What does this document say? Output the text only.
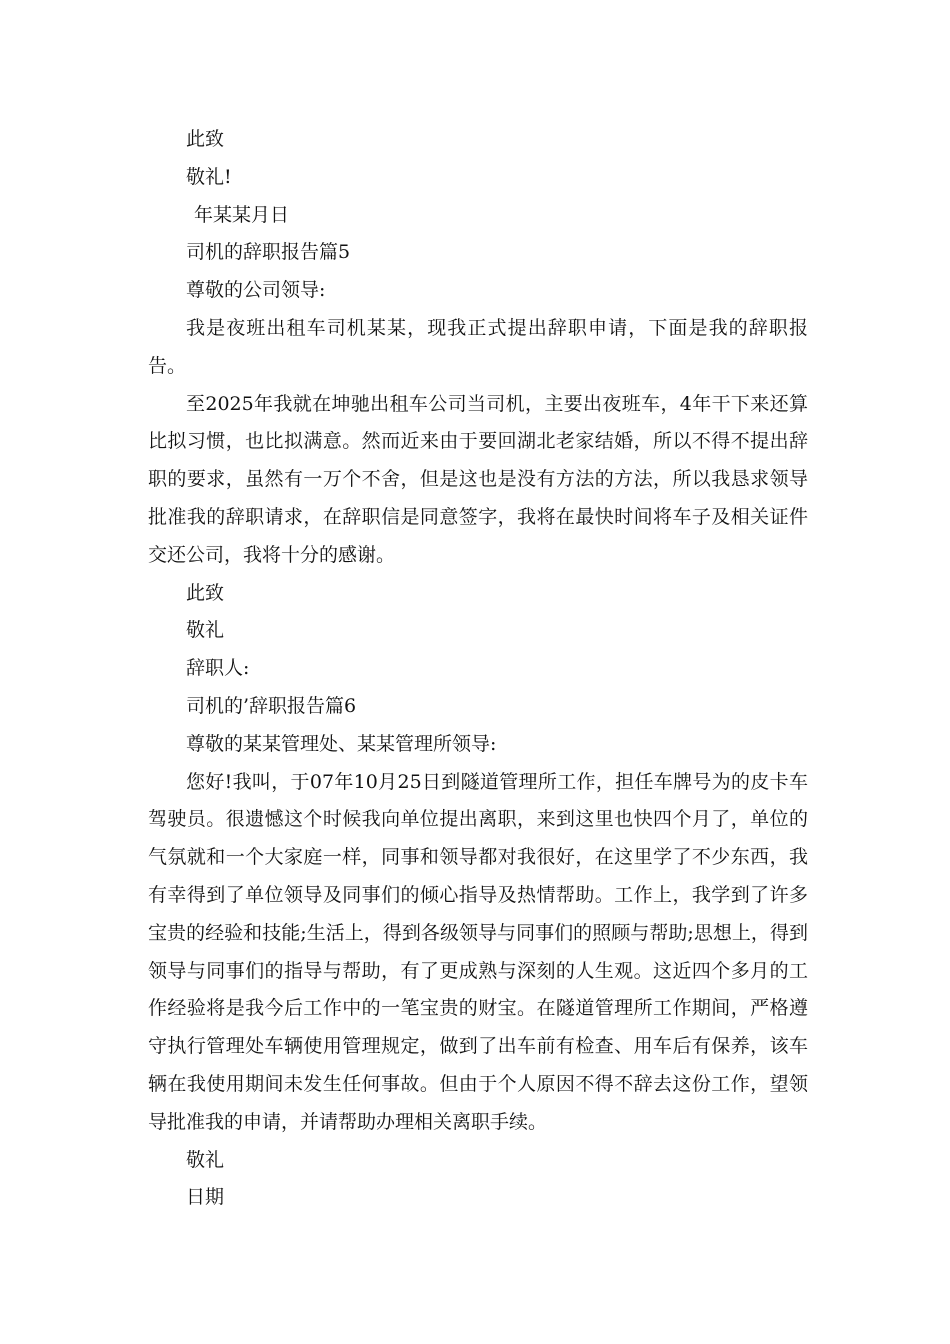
此致
敬礼!
年某某月日
司机的辞职报告篇5
尊敬的公司领导:

我是夜班出租车司机某某，现我正式提出辞职申请，下面是我的辞职报告。

至2025年我就在坤驰出租车公司当司机，主要出夜班车，4年干下来还算比拟习惯，也比拟满意。然而近来由于要回湖北老家结婚，所以不得不提出辞职的要求，虽然有一万个不舍，但是这也是没有方法的方法，所以我恳求领导批准我的辞职请求，在辞职信是同意签字，我将在最快时间将车子及相关证件交还公司，我将十分的感谢。

此致
敬礼
辞职人:
司机的’辞职报告篇6
尊敬的某某管理处、某某管理所领导:

您好!我叫，于07年10月25日到隧道管理所工作，担任车牌号为的皮卡车驾驶员。很遗憾这个时候我向单位提出离职，来到这里也快四个月了，单位的气氛就和一个大家庭一样，同事和领导都对我很好，在这里学了不少东西，我有幸得到了单位领导及同事们的倾心指导及热情帮助。工作上，我学到了许多宝贵的经验和技能;生活上，得到各级领导与同事们的照顾与帮助;思想上，得到领导与同事们的指导与帮助，有了更成熟与深刻的人生观。这近四个多月的工作经验将是我今后工作中的一笔宝贵的财宝。在隧道管理所工作期间，严格遵守执行管理处车辆使用管理规定，做到了出车前有检查、用车后有保养，该车辆在我使用期间未发生任何事故。但由于个人原因不得不辞去这份工作，望领导批准我的申请，并请帮助办理相关离职手续。

敬礼
日期
